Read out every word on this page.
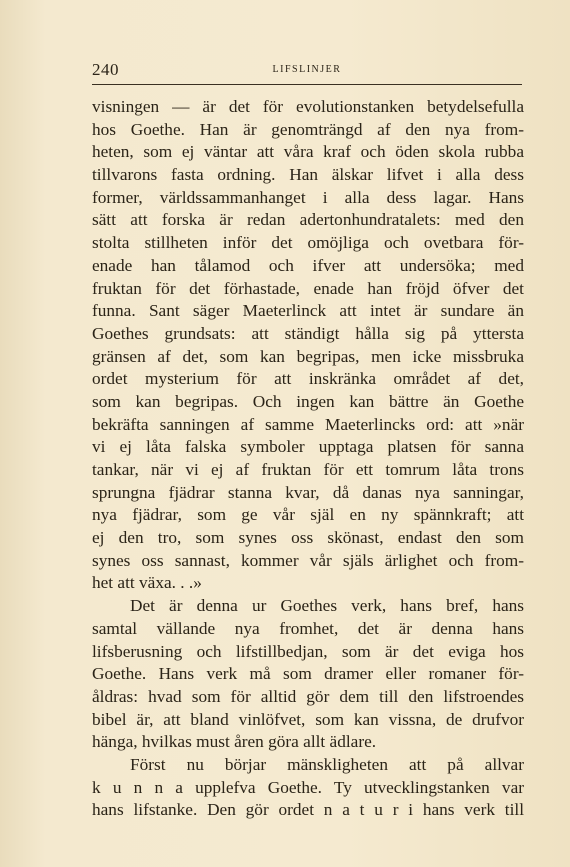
240	LIFSLINJER
visningen — är det för evolutionstanken betydelsefulla
hos Goethe. Han är genomträngd af den nya from-
heten, som ej väntar att våra kraf och öden skola rubba
tillvarons fasta ordning. Han älskar lifvet i alla dess
former, världssammanhanget i alla dess lagar. Hans
sätt att forska är redan adertonhundratalets: med den
stolta stillheten inför det omöjliga och ovetbara för-
enade han tålamod och ifver att undersöka; med
fruktan för det förhastade, enade han fröjd öfver det
funna. Sant säger Maeterlinck att intet är sundare än
Goethes grundsats: att ständigt hålla sig på yttersta
gränsen af det, som kan begripas, men icke missbruka
ordet mysterium för att inskränka området af det,
som kan begripas. Och ingen kan bättre än Goethe
bekräfta sanningen af samme Maeterlincks ord: att »när
vi ej låta falska symboler upptaga platsen för sanna
tankar, när vi ej af fruktan för ett tomrum låta trons
sprungna fjädrar stanna kvar, då danas nya sanningar,
nya fjädrar, som ge vår själ en ny spännkraft; att
ej den tro, som synes oss skönast, endast den som
synes oss sannast, kommer vår själs ärlighet och from-
het att växa. . .»
Det är denna ur Goethes verk, hans bref, hans
samtal vällande nya fromhet, det är denna hans
lifsberusning och lifstillbedjan, som är det eviga hos
Goethe. Hans verk må som dramer eller romaner för-
åldras: hvad som för alltid gör dem till den lifstroendes
bibel är, att bland vinlöfvet, som kan vissna, de drufvor
hänga, hvilkas must åren göra allt ädlare.
Först nu börjar mänskligheten att på allvar
k u n n a upplefva Goethe. Ty utvecklingstanken var
hans lifstanke. Den gör ordet n a t u r i hans verk till
